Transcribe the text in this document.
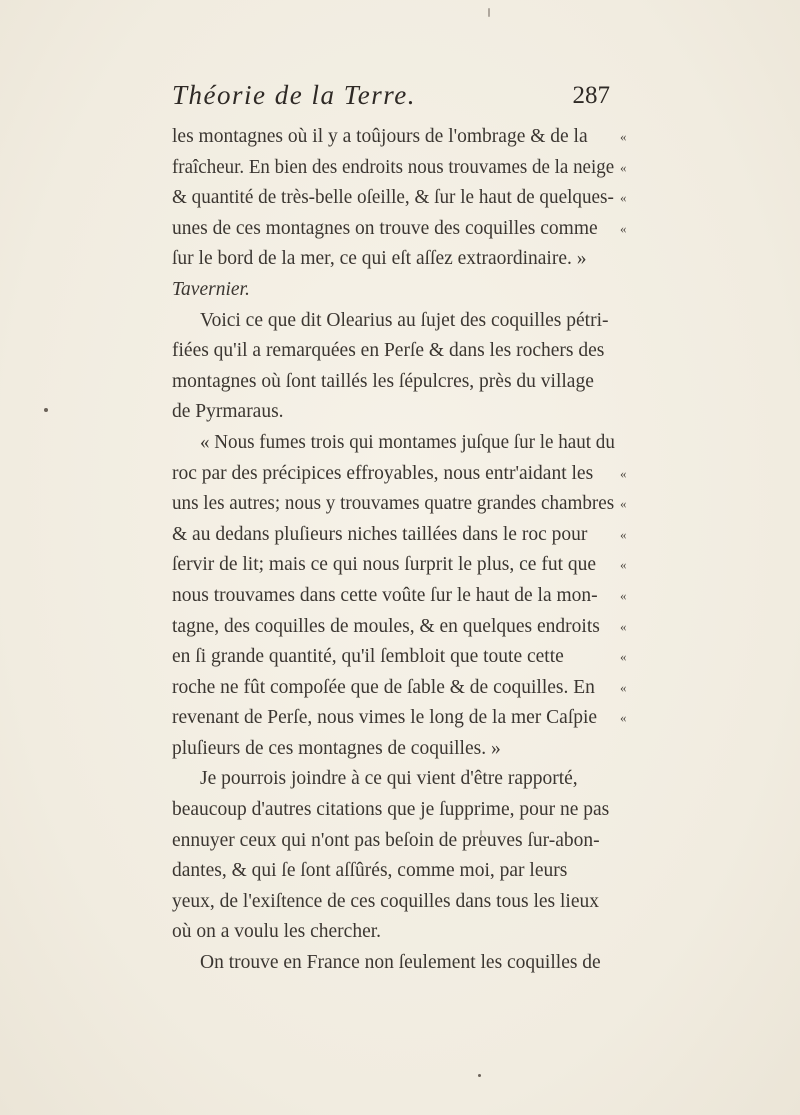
Théorie de la Terre.	287
les montagnes où il y a toûjours de l'ombrage & de la «
fraîcheur. En bien des endroits nous trouvames de la neige «
& quantité de très-belle oſeille, & ſur le haut de quelques- «
unes de ces montagnes on trouve des coquilles comme «
ſur le bord de la mer, ce qui eſt aſſez extraordinaire. »
Tavernier.
Voici ce que dit Olearius au ſujet des coquilles pétri-
fiées qu'il a remarquées en Perſe & dans les rochers des
montagnes où ſont taillés les ſépulcres, près du village
de Pyrmaraus.
« Nous fumes trois qui montames juſque ſur le haut du
roc par des précipices effroyables, nous entr'aidant les «
uns les autres; nous y trouvames quatre grandes chambres «
& au dedans pluſieurs niches taillées dans le roc pour	«
ſervir de lit; mais ce qui nous ſurprit le plus, ce fut que «
nous trouvames dans cette voûte ſur le haut de la mon- «
tagne, des coquilles de moules, & en quelques endroits «
en ſi grande quantité, qu'il ſembloit que toute cette	«
roche ne fût compoſée que de ſable & de coquilles. En «
revenant de Perſe, nous vimes le long de la mer Caſpie «
pluſieurs de ces montagnes de coquilles. »
Je pourrois joindre à ce qui vient d'être rapporté,
beaucoup d'autres citations que je ſupprime, pour ne pas
ennuyer ceux qui n'ont pas beſoin de preuves ſur-abon-
dantes, & qui ſe ſont aſſûrés, comme moi, par leurs
yeux, de l'exiſtence de ces coquilles dans tous les lieux
où on a voulu les chercher.
On trouve en France non ſeulement les coquilles de
